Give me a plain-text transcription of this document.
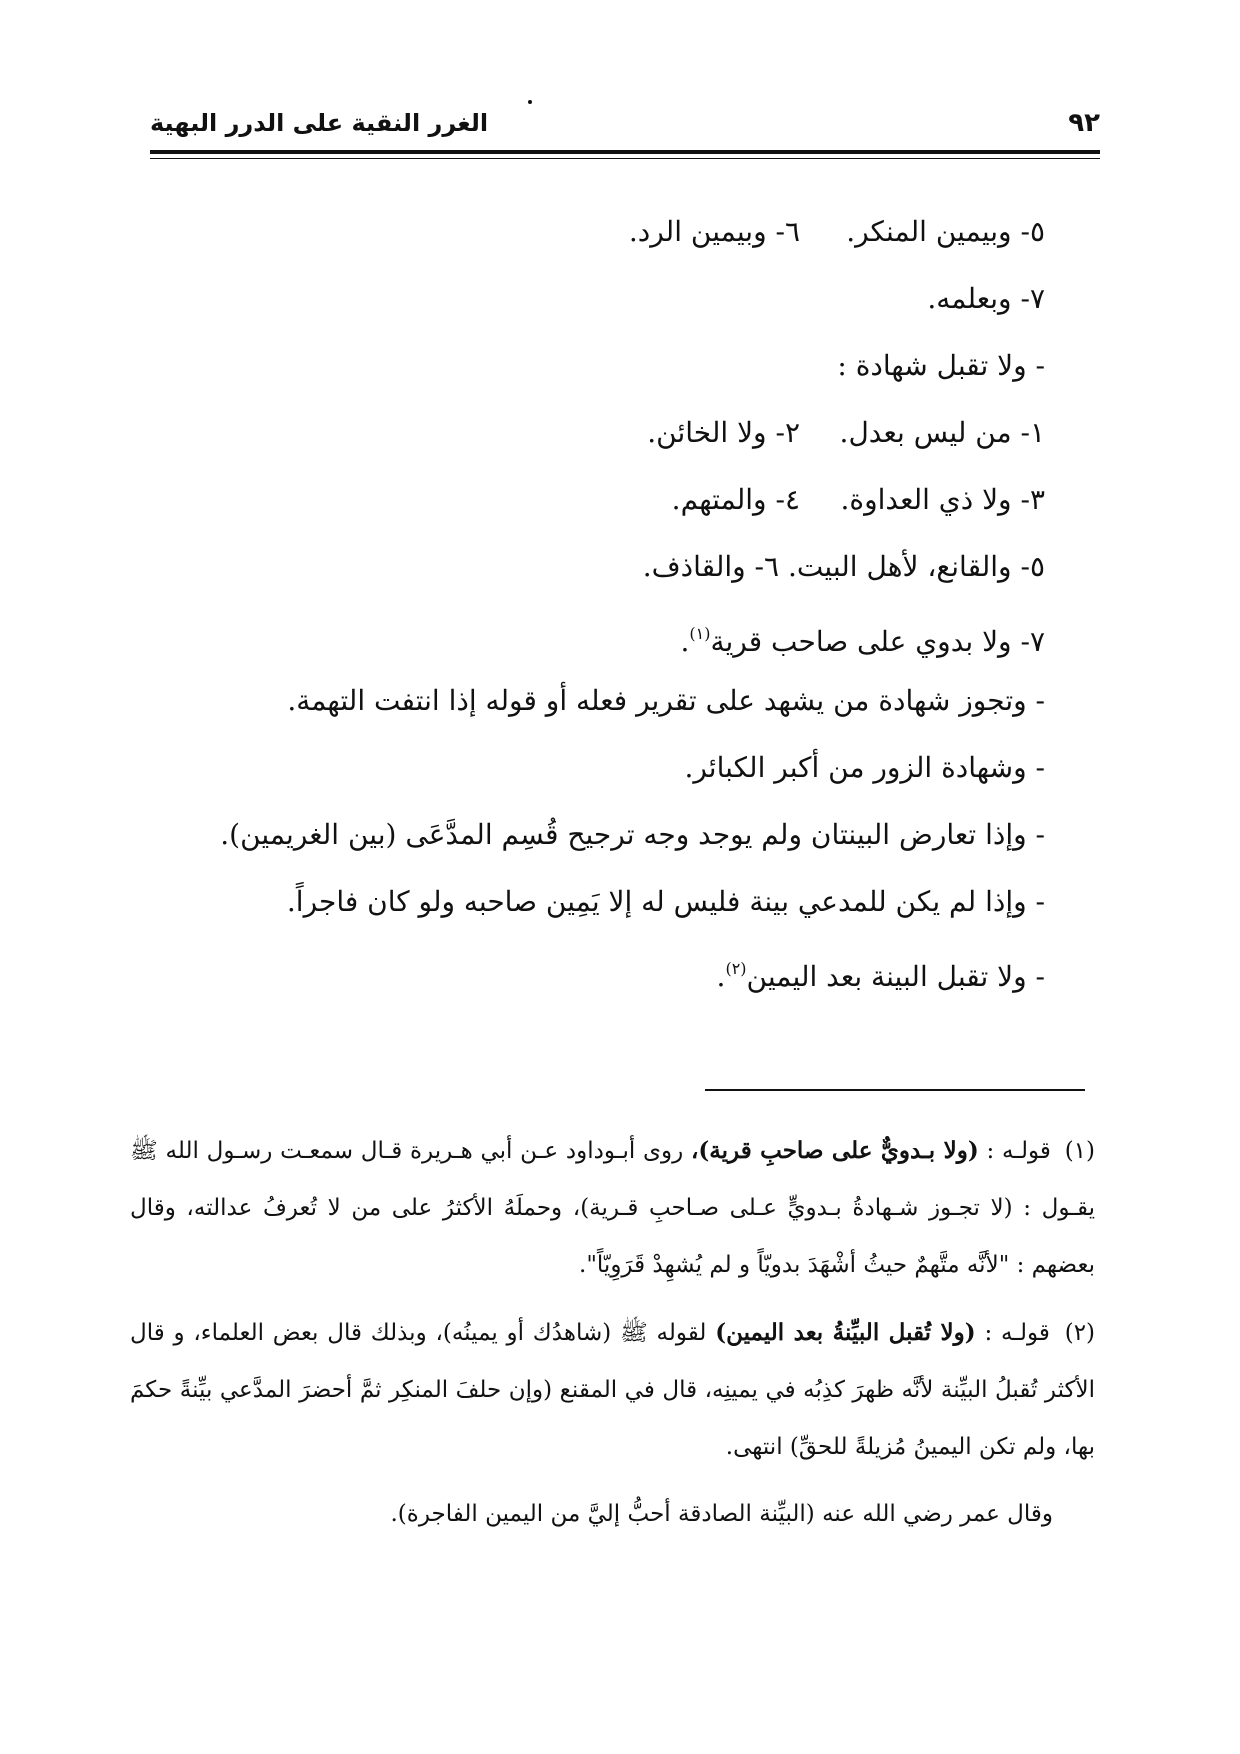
٩٢
الغرر النقية على الدرر البهية
٥- وبيمين المنكر.٦- وبيمين الرد.
٧- وبعلمه.
- ولا تقبل شهادة :
١- من ليس بعدل.٢- ولا الخائن.
٣- ولا ذي العداوة.٤- والمتهم.
٥- والقانع، لأهل البيت. ٦- والقاذف.
٧- ولا بدوي على صاحب قرية$^{(١)}$.
- وتجوز شهادة من يشهد على تقرير فعله أو قوله إذا انتفت التهمة.
- وشهادة الزور من أكبر الكبائر.
- وإذا تعارض البينتان ولم يوجد وجه ترجيح قُسِم المدَّعَى (بين الغريمين).
- وإذا لم يكن للمدعي بينة فليس له إلا يَمِين صاحبه ولو كان فاجراً.
- ولا تقبل البينة بعد اليمين$^{(٢)}$.

(١) قولـه : (ولا بـدويٌّ على صاحبِ قرية)، روى أبـوداود عـن أبي هـريرة قـال سمعـت رسـول الله ﷺ يقـول : (لا تجـوز شـهادةُ بـدويٍّ عـلى صـاحبِ قـرية)، وحملَهُ الأكثرُ على من لا تُعرفُ عدالته، وقال بعضهم : "لأنَّه متَّهمٌ حيثُ أشْهَدَ بدويّاً و لم يُشهِدْ قَرَوِيّاً".

(٢) قولـه : (ولا تُقبل البيِّنةُ بعد اليمين) لقوله ﷺ (شاهدُك أو يمينُه)، وبذلك قال بعض العلماء، و قال الأكثر تُقبلُ البيِّنة لأنَّه ظهرَ كذِبُه في يمينِه، قال في المقنع (وإن حلفَ المنكِر ثمَّ أحضرَ المدَّعي بيِّنةً حكمَ بها، ولم تكن اليمينُ مُزيلةً للحقِّ) انتهى.

وقال عمر رضي الله عنه (البيِّنة الصادقة أحبُّ إليَّ من اليمين الفاجرة).
